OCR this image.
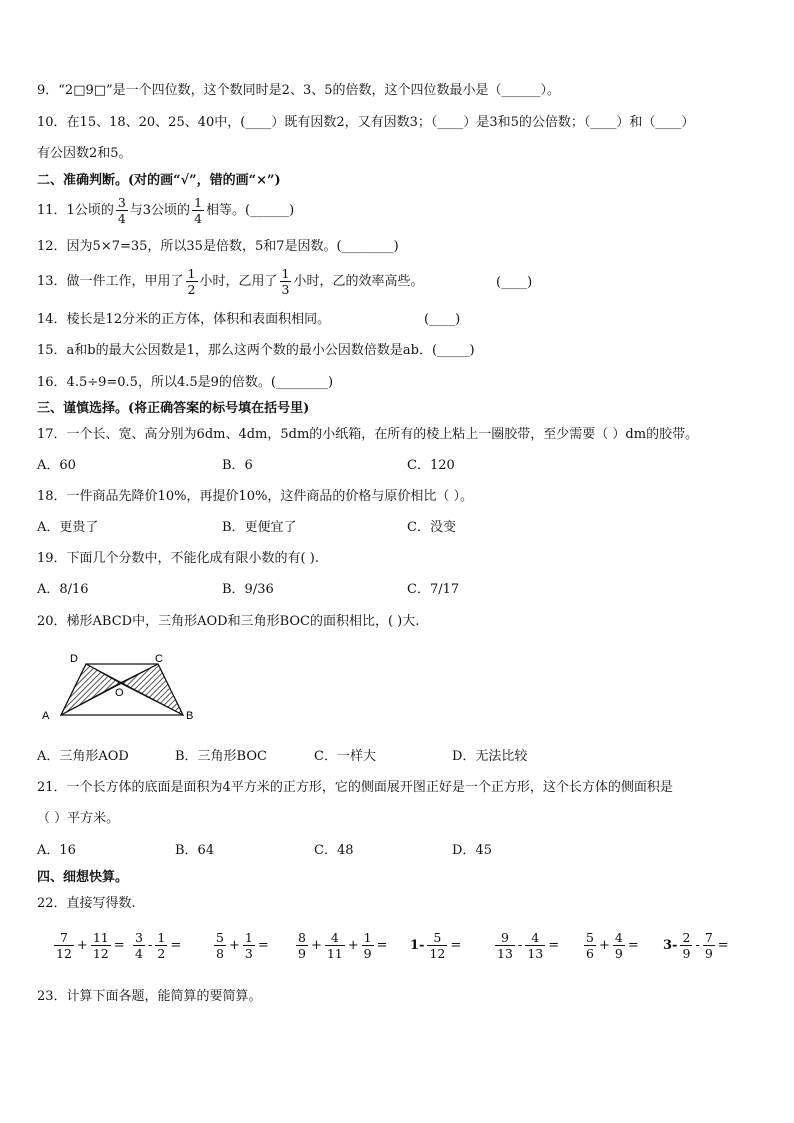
9．“2□9□”是一个四位数，这个数同时是2、3、5的倍数，这个四位数最小是（______）。
10．在15、18、20、25、40中，(____）既有因数2，又有因数3；（____）是3和5的公倍数；（____）和（____）
有公因数2和5。
二、准确判断。(对的画“√”，错的画“×”)
11．1公顷的 $\frac{3}{4}$ 与3公顷的 $\frac{1}{4}$ 相等。(______)
12．因为5×7=35，所以35是倍数，5和7是因数。(________)
13．做一件工作，甲用了 $\frac{1}{2}$ 小时，乙用了 $\frac{1}{3}$ 小时，乙的效率高些。	(____)
14．棱长是12分米的正方体，体积和表面积相同。	(____)
15．a和b的最大公因数是1，那么这两个数的最小公因数倍数是ab．(_____)
16．4.5÷9=0.5，所以4.5是9的倍数。(________)
三、谨慎选择。(将正确答案的标号填在括号里)
17．一个长、宽、高分别为6dm、4dm，5dm的小纸箱，在所有的棱上粘上一圈胶带，至少需要（ ）dm的胶带。
A．60	B．6	C．120
18．一件商品先降价10%，再提价10%，这件商品的价格与原价相比（ ）。
A．更贵了	B．更便宜了	C．没变
19．下面几个分数中，不能化成有限小数的有( ).
A．8/16	B．9/36	C．7/17
20．梯形ABCD中，三角形AOD和三角形BOC的面积相比，( )大.
D	C
O
A	B
A．三角形AOD	B．三角形BOC	C．一样大	D．无法比较
21．一个长方体的底面是面积为4平方米的正方形，它的侧面展开图正好是一个正方形，这个长方体的侧面积是
（ ）平方米。
A．16	B．64	C．48	D．45
四、细想快算。
22．直接写得数.
$\frac{7}{12} + \frac{11}{12} = \frac{3}{4} - \frac{1}{2}$ =	$\frac{5}{8} + \frac{1}{3} = \frac{8}{9} + \frac{4}{11} + \frac{1}{9} = 1- \frac{5}{12}$ =	$\frac{9}{13} - \frac{4}{13} = \frac{5}{6} + \frac{4}{9} = 3- \frac{2}{9} - \frac{7}{9}$ =
23．计算下面各题，能简算的要简算。
